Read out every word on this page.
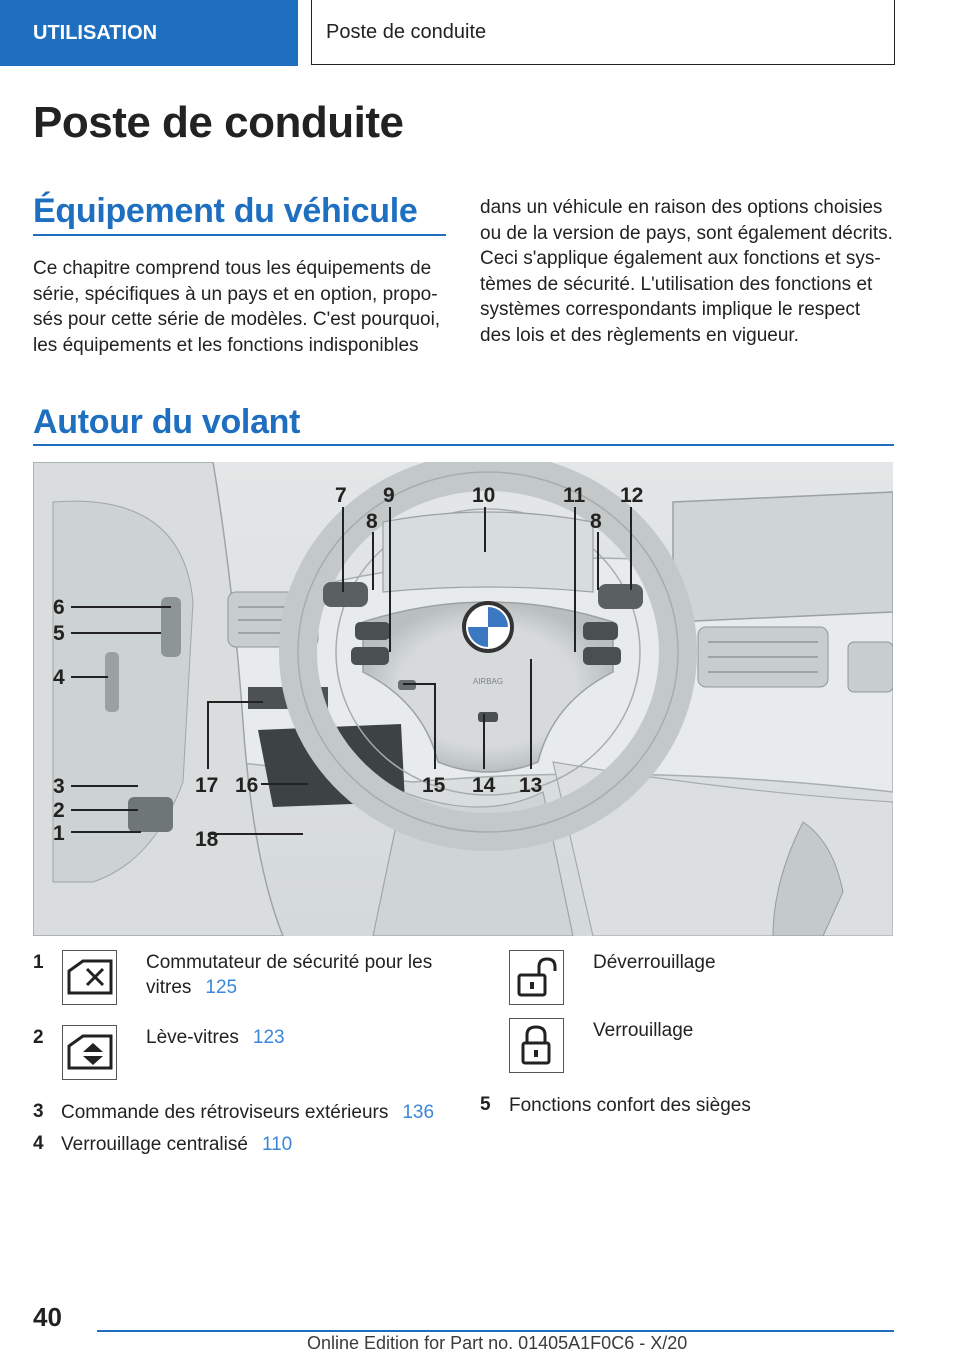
UTILISATION	Poste de conduite
Poste de conduite
Équipement du véhicule

Ce chapitre comprend tous les équipements de
série, spécifiques à un pays et en option, propo-
sés pour cette série de modèles. C'est pourquoi,
les équipements et les fonctions indisponibles

dans un véhicule en raison des options choisies
ou de la version de pays, sont également décrits.
Ceci s'applique également aux fonctions et sys-
tèmes de sécurité. L'utilisation des fonctions et
systèmes correspondants implique le respect
des lois et des règlements en vigueur.

Autour du volant
AIRBAG
6
5
4
3
2
1
7
8
9	10	11
8
12
13
14
15
16
17
18
1	Commutateur de sécurité pour les
vitres 125
2	Lève-vitres 123
3 Commande des rétroviseurs extérieurs 136
4 Verrouillage centralisé 110
Déverrouillage
Verrouillage
5 Fonctions confort des sièges
40
Online Edition for Part no. 01405A1F0C6 - X/20
